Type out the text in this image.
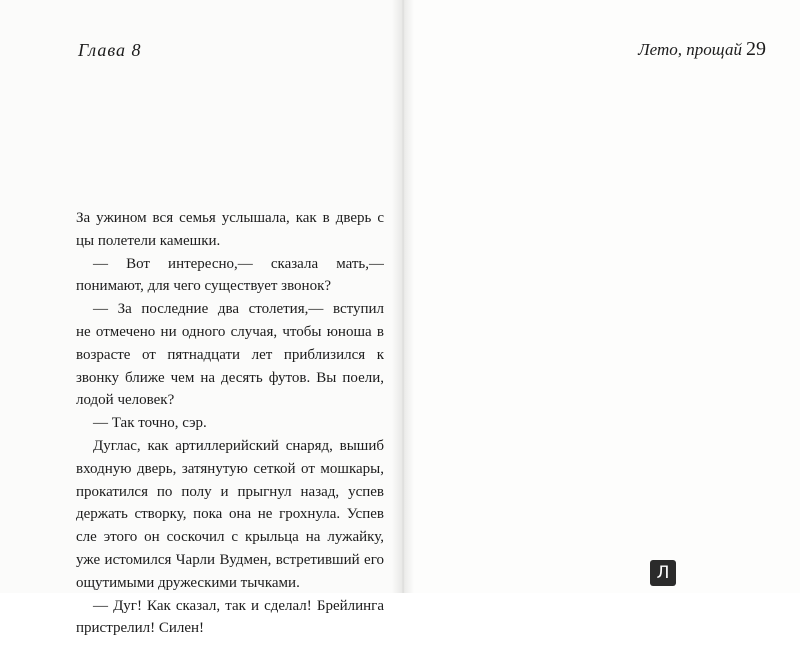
Глава 8
За ужином вся семья услышала, как в дверь с
цы полетели камешки.
— Вот интересно,— сказала мать,—
понимают, для чего существует звонок?
— За последние два столетия,— вступил
не отмечено ни одного случая, чтобы юноша в
возрасте от пятнадцати лет приблизился к
звонку ближе чем на десять футов. Вы поели,
лодой человек?
— Так точно, сэр.
Дуглас, как артиллерийский снаряд, вышиб
входную дверь, затянутую сеткой от мошкары,
прокатился по полу и прыгнул назад, успев
держать створку, пока она не грохнула. Успев
сле этого он соскочил с крыльца на лужайку,
уже истомился Чарли Вудмен, встретивший его
ощутимыми дружескими тычками.
— Дуг! Как сказал, так и сделал! Брейлинга
пристрелил! Силен!
Лето, прощай 29
Л
